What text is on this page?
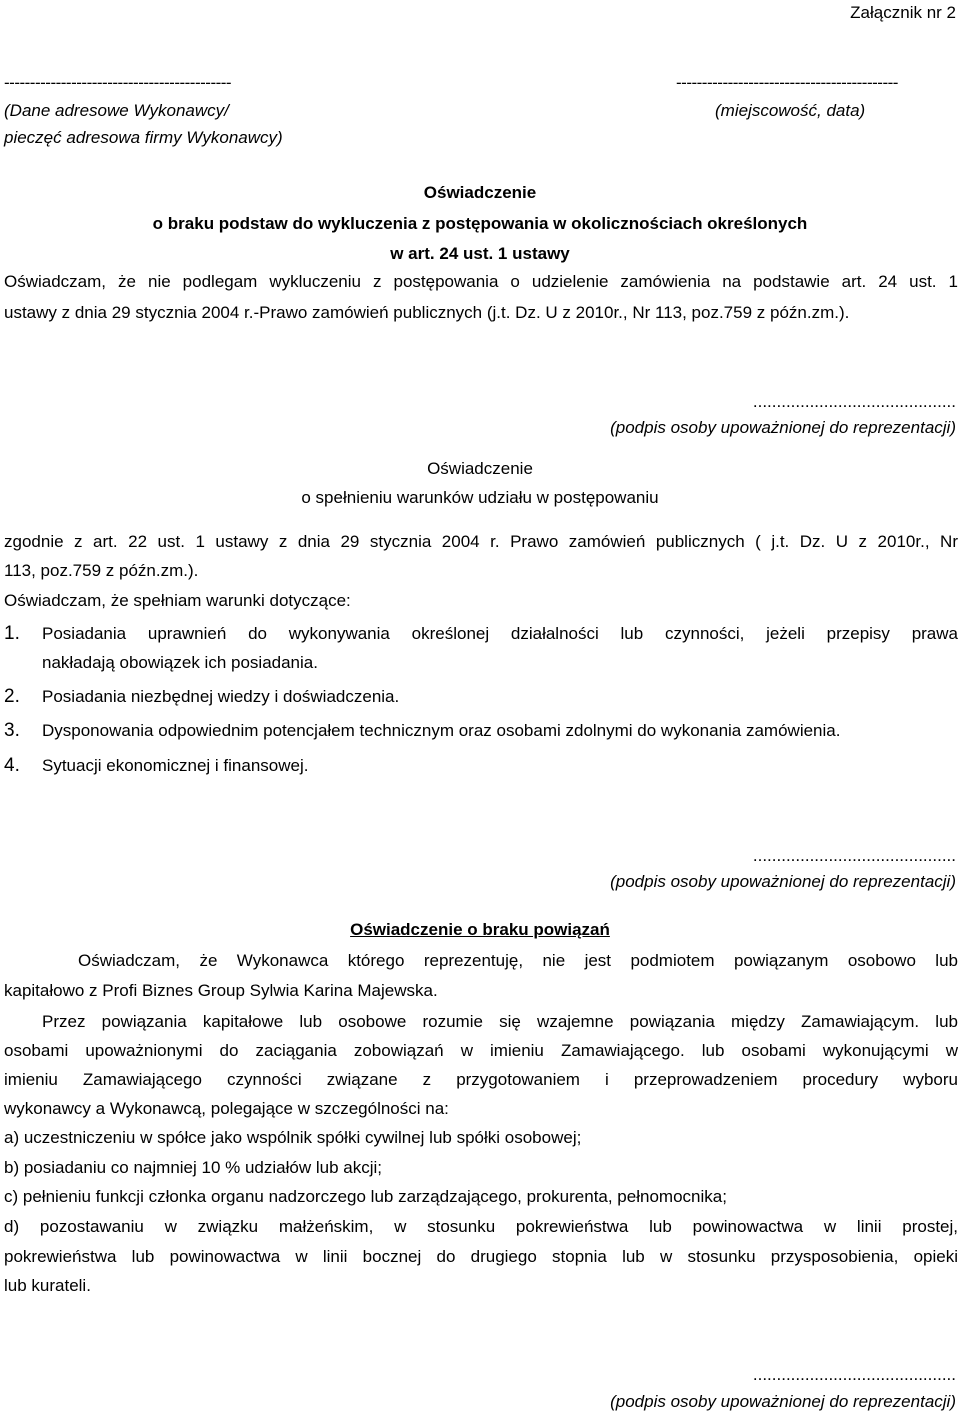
Załącznik nr 2
--------------------------------------------	-------------------------------------------
(Dane adresowe Wykonawcy/
pieczęć adresowa firmy Wykonawcy)
(miejscowość, data)
Oświadczenie
o braku podstaw do wykluczenia z postępowania w okolicznościach określonych
w art. 24 ust. 1 ustawy
Oświadczam, że nie podlegam wykluczeniu z postępowania o udzielenie zamówienia na podstawie art. 24 ust. 1
ustawy z dnia 29 stycznia 2004 r.-Prawo zamówień publicznych (j.t. Dz. U z 2010r., Nr 113, poz.759 z późn.zm.).
...........................................
(podpis osoby upoważnionej do reprezentacji)
Oświadczenie
o spełnieniu warunków udziału w postępowaniu
zgodnie z art. 22 ust. 1 ustawy z dnia 29 stycznia 2004 r. Prawo zamówień publicznych ( j.t. Dz. U z 2010r., Nr
113, poz.759 z późn.zm.).
Oświadczam, że spełniam warunki dotyczące:
1. Posiadania uprawnień do wykonywania określonej działalności lub czynności, jeżeli przepisy prawa
nakładają obowiązek ich posiadania.
2. Posiadania niezbędnej wiedzy i doświadczenia.
3. Dysponowania odpowiednim potencjałem technicznym oraz osobami zdolnymi do wykonania zamówienia.
4. Sytuacji ekonomicznej i finansowej.
...........................................
(podpis osoby upoważnionej do reprezentacji)
Oświadczenie o braku powiązań
Oświadczam, że Wykonawca którego reprezentuję, nie jest podmiotem powiązanym osobowo lub
kapitałowo z Profi Biznes Group Sylwia Karina Majewska.
Przez powiązania kapitałowe lub osobowe rozumie się wzajemne powiązania między Zamawiającym. lub
osobami upoważnionymi do zaciągania zobowiązań w imieniu Zamawiającego. lub osobami wykonującymi w
imieniu Zamawiającego czynności związane z przygotowaniem i przeprowadzeniem procedury wyboru
wykonawcy a Wykonawcą, polegające w szczególności na:
a) uczestniczeniu w spółce jako wspólnik spółki cywilnej lub spółki osobowej;
b) posiadaniu co najmniej 10 % udziałów lub akcji;
c) pełnieniu funkcji członka organu nadzorczego lub zarządzającego, prokurenta, pełnomocnika;
d) pozostawaniu w związku małżeńskim, w stosunku pokrewieństwa lub powinowactwa w linii prostej,
pokrewieństwa lub powinowactwa w linii bocznej do drugiego stopnia lub w stosunku przysposobienia, opieki
lub kurateli.
...........................................
(podpis osoby upoważnionej do reprezentacji)
